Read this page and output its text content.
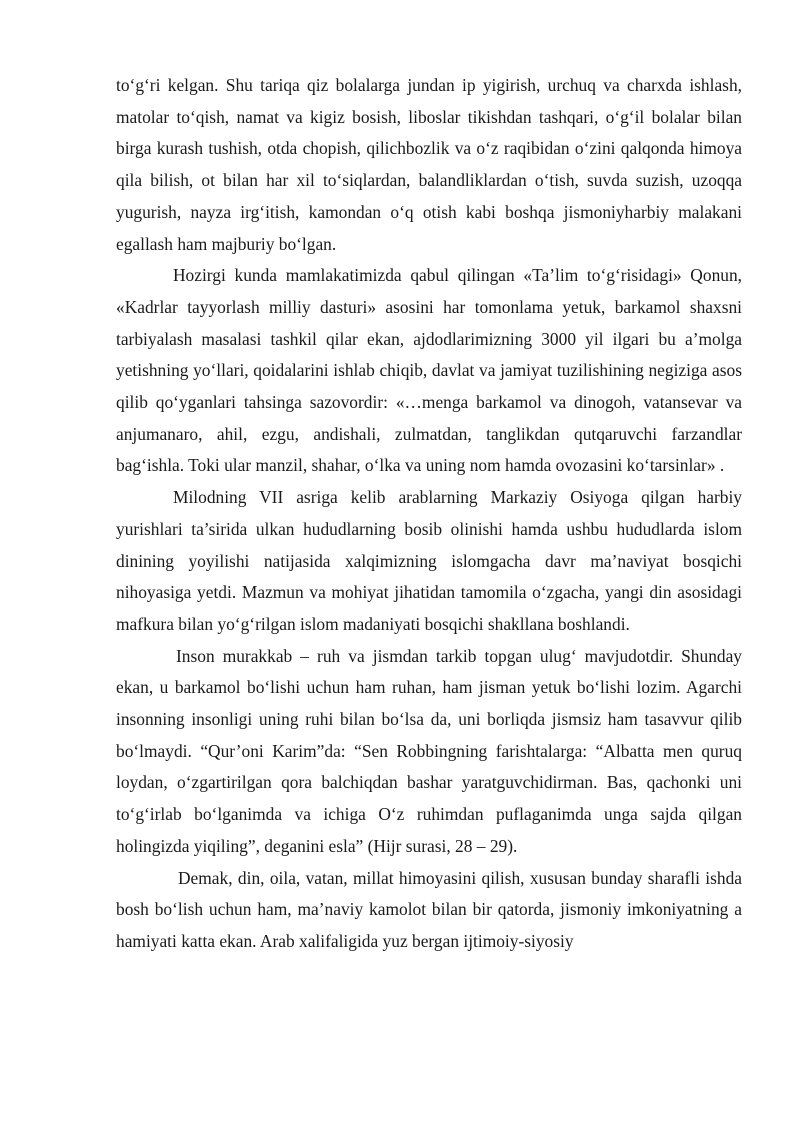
to‘g‘ri kelgan. Shu tariqa qiz bolalarga jundan ip yigirish, urchuq va charxda ishlash, matolar to‘qish, namat va kigiz bosish, liboslar tikishdan tashqari, o‘g‘il bolalar bilan birga kurash tushish, otda chopish, qilichbozlik va o‘z raqibidan o‘zini qalqonda himoya qila bilish, ot bilan har xil to‘siqlardan, balandliklardan o‘tish, suvda suzish, uzoqqa yugurish, nayza irg‘itish, kamondan o‘q otish kabi boshqa jismoniyharbiy malakani egallash ham majburiy bo‘lgan.

Hozirgi kunda mamlakatimizda qabul qilingan «Ta’lim to‘g‘risidagi» Qonun, «Kadrlar tayyorlash milliy dasturi» asosini har tomonlama yetuk, barkamol shaxsni tarbiyalash masalasi tashkil qilar ekan, ajdodlarimizning 3000 yil ilgari bu a’molga yetishning yo‘llari, qoidalarini ishlab chiqib, davlat va jamiyat tuzilishining negiziga asos qilib qo‘yganlari tahsinga sazovordir: «…menga barkamol va dinogoh, vatansevar va anjumanaro, ahil, ezgu, andishali, zulmatdan, tanglikdan qutqaruvchi farzandlar bag‘ishla. Toki ular manzil, shahar, o‘lka va uning nom hamda ovozasini ko‘tarsinlar» .

Milodning VII asriga kelib arablarning Markaziy Osiyoga qilgan harbiy yurishlari ta’sirida ulkan hududlarning bosib olinishi hamda ushbu hududlarda islom dinining yoyilishi natijasida xalqimizning islomgacha davr ma’naviyat bosqichi nihoyasiga yetdi. Mazmun va mohiyat jihatidan tamomila o‘zgacha, yangi din asosidagi mafkura bilan yo‘g‘rilgan islom madaniyati bosqichi shakllana boshlandi.

Inson murakkab – ruh va jismdan tarkib topgan ulug‘ mavjudotdir. Shunday ekan, u barkamol bo‘lishi uchun ham ruhan, ham jisman yetuk bo‘lishi lozim. Agarchi insonning insonligi uning ruhi bilan bo‘lsa da, uni borliqda jismsiz ham tasavvur qilib bo‘lmaydi. “Qur’oni Karim”da: “Sen Robbingning farishtalarga: “Albatta men quruq loydan, o‘zgartirilgan qora balchiqdan bashar yaratguvchidirman. Bas, qachonki uni to‘g‘irlab bo‘lganimda va ichiga O‘z ruhimdan puflaganimda unga sajda qilgan holingizda yiqiling”, deganini esla” (Hijr surasi, 28 – 29).

Demak, din, oila, vatan, millat himoyasini qilish, xususan bunday sharafli ishda bosh bo‘lish uchun ham, ma’naviy kamolot bilan bir qatorda, jismoniy imkoniyatning a hamiyati katta ekan. Arab xalifaligida yuz bergan ijtimoiy-siyosiy
